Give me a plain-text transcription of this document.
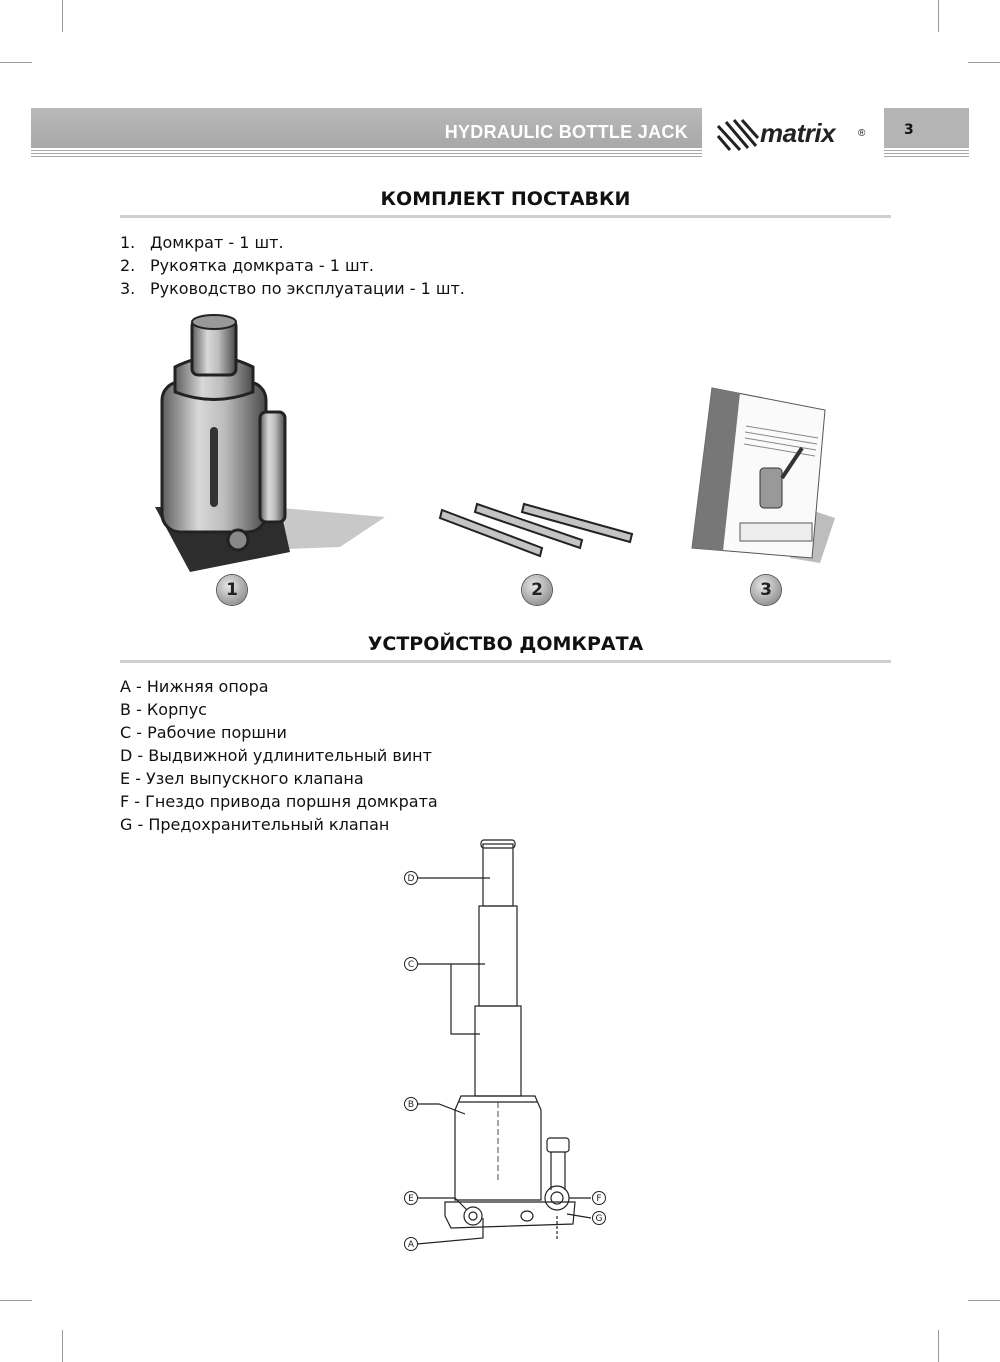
HYDRAULIC BOTTLE JACK	matrix ®	3
КОМПЛЕКТ ПОСТАВКИ
1. Домкрат - 1 шт.
2. Рукоятка домкрата - 1 шт.
3. Руководство по эксплуатации - 1 шт.
1	2	3
УСТРОЙСТВО ДОМКРАТА
A - Нижняя опора
B - Корпус
C - Рабочие поршни
D - Выдвижной удлинительный винт
E - Узел выпускного клапана
F - Гнездо привода поршня домкрата
G - Предохранительный клапан
D
C
B
E
A
F
G
